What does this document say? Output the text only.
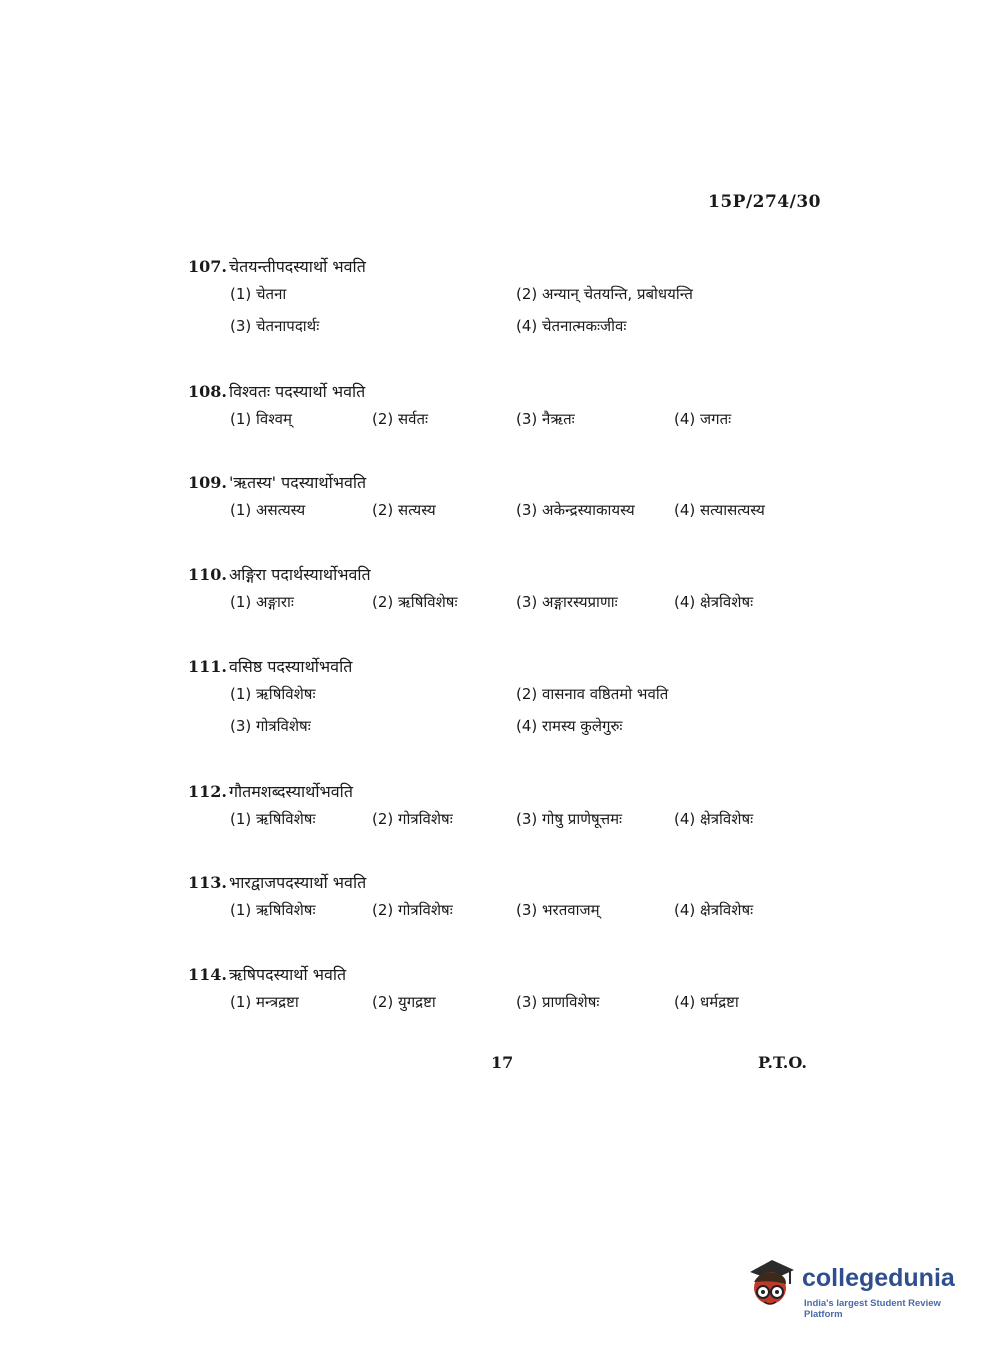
15P/274/30
107. चेतयन्तीपदस्यार्थो भवति
(1) चेतना	(2) अन्यान् चेतयन्ति, प्रबोधयन्ति
(3) चेतनापदार्थः	(4) चेतनात्मकःजीवः
108. विश्वतः पदस्यार्थो भवति
(1) विश्वम्	(2) सर्वतः	(3) नैऋतः	(4) जगतः
109. 'ऋतस्य' पदस्यार्थोभवति
(1) असत्यस्य	(2) सत्यस्य	(3) अकेन्द्रस्याकायस्य	(4) सत्यासत्यस्य
110. अङ्गिरा पदार्थस्यार्थोभवति
(1) अङ्गाराः	(2) ऋषिविशेषः	(3) अङ्गारस्यप्राणाः	(4) क्षेत्रविशेषः
111. वसिष्ठ पदस्यार्थोभवति
(1) ऋषिविशेषः	(2) वासनाव वष्ठितमो भवति
(3) गोत्रविशेषः	(4) रामस्य कुलेगुरुः
112. गौतमशब्दस्यार्थोभवति
(1) ऋषिविशेषः	(2) गोत्रविशेषः	(3) गोषु प्राणेषूत्तमः	(4) क्षेत्रविशेषः
113. भारद्वाजपदस्यार्थो भवति
(1) ऋषिविशेषः	(2) गोत्रविशेषः	(3) भरतवाजम्	(4) क्षेत्रविशेषः
114. ऋषिपदस्यार्थो भवति
(1) मन्त्रद्रष्टा	(2) युगद्रष्टा	(3) प्राणविशेषः	(4) धर्मद्रष्टा
17	P.T.O.
collegedunia
India's largest Student Review Platform
